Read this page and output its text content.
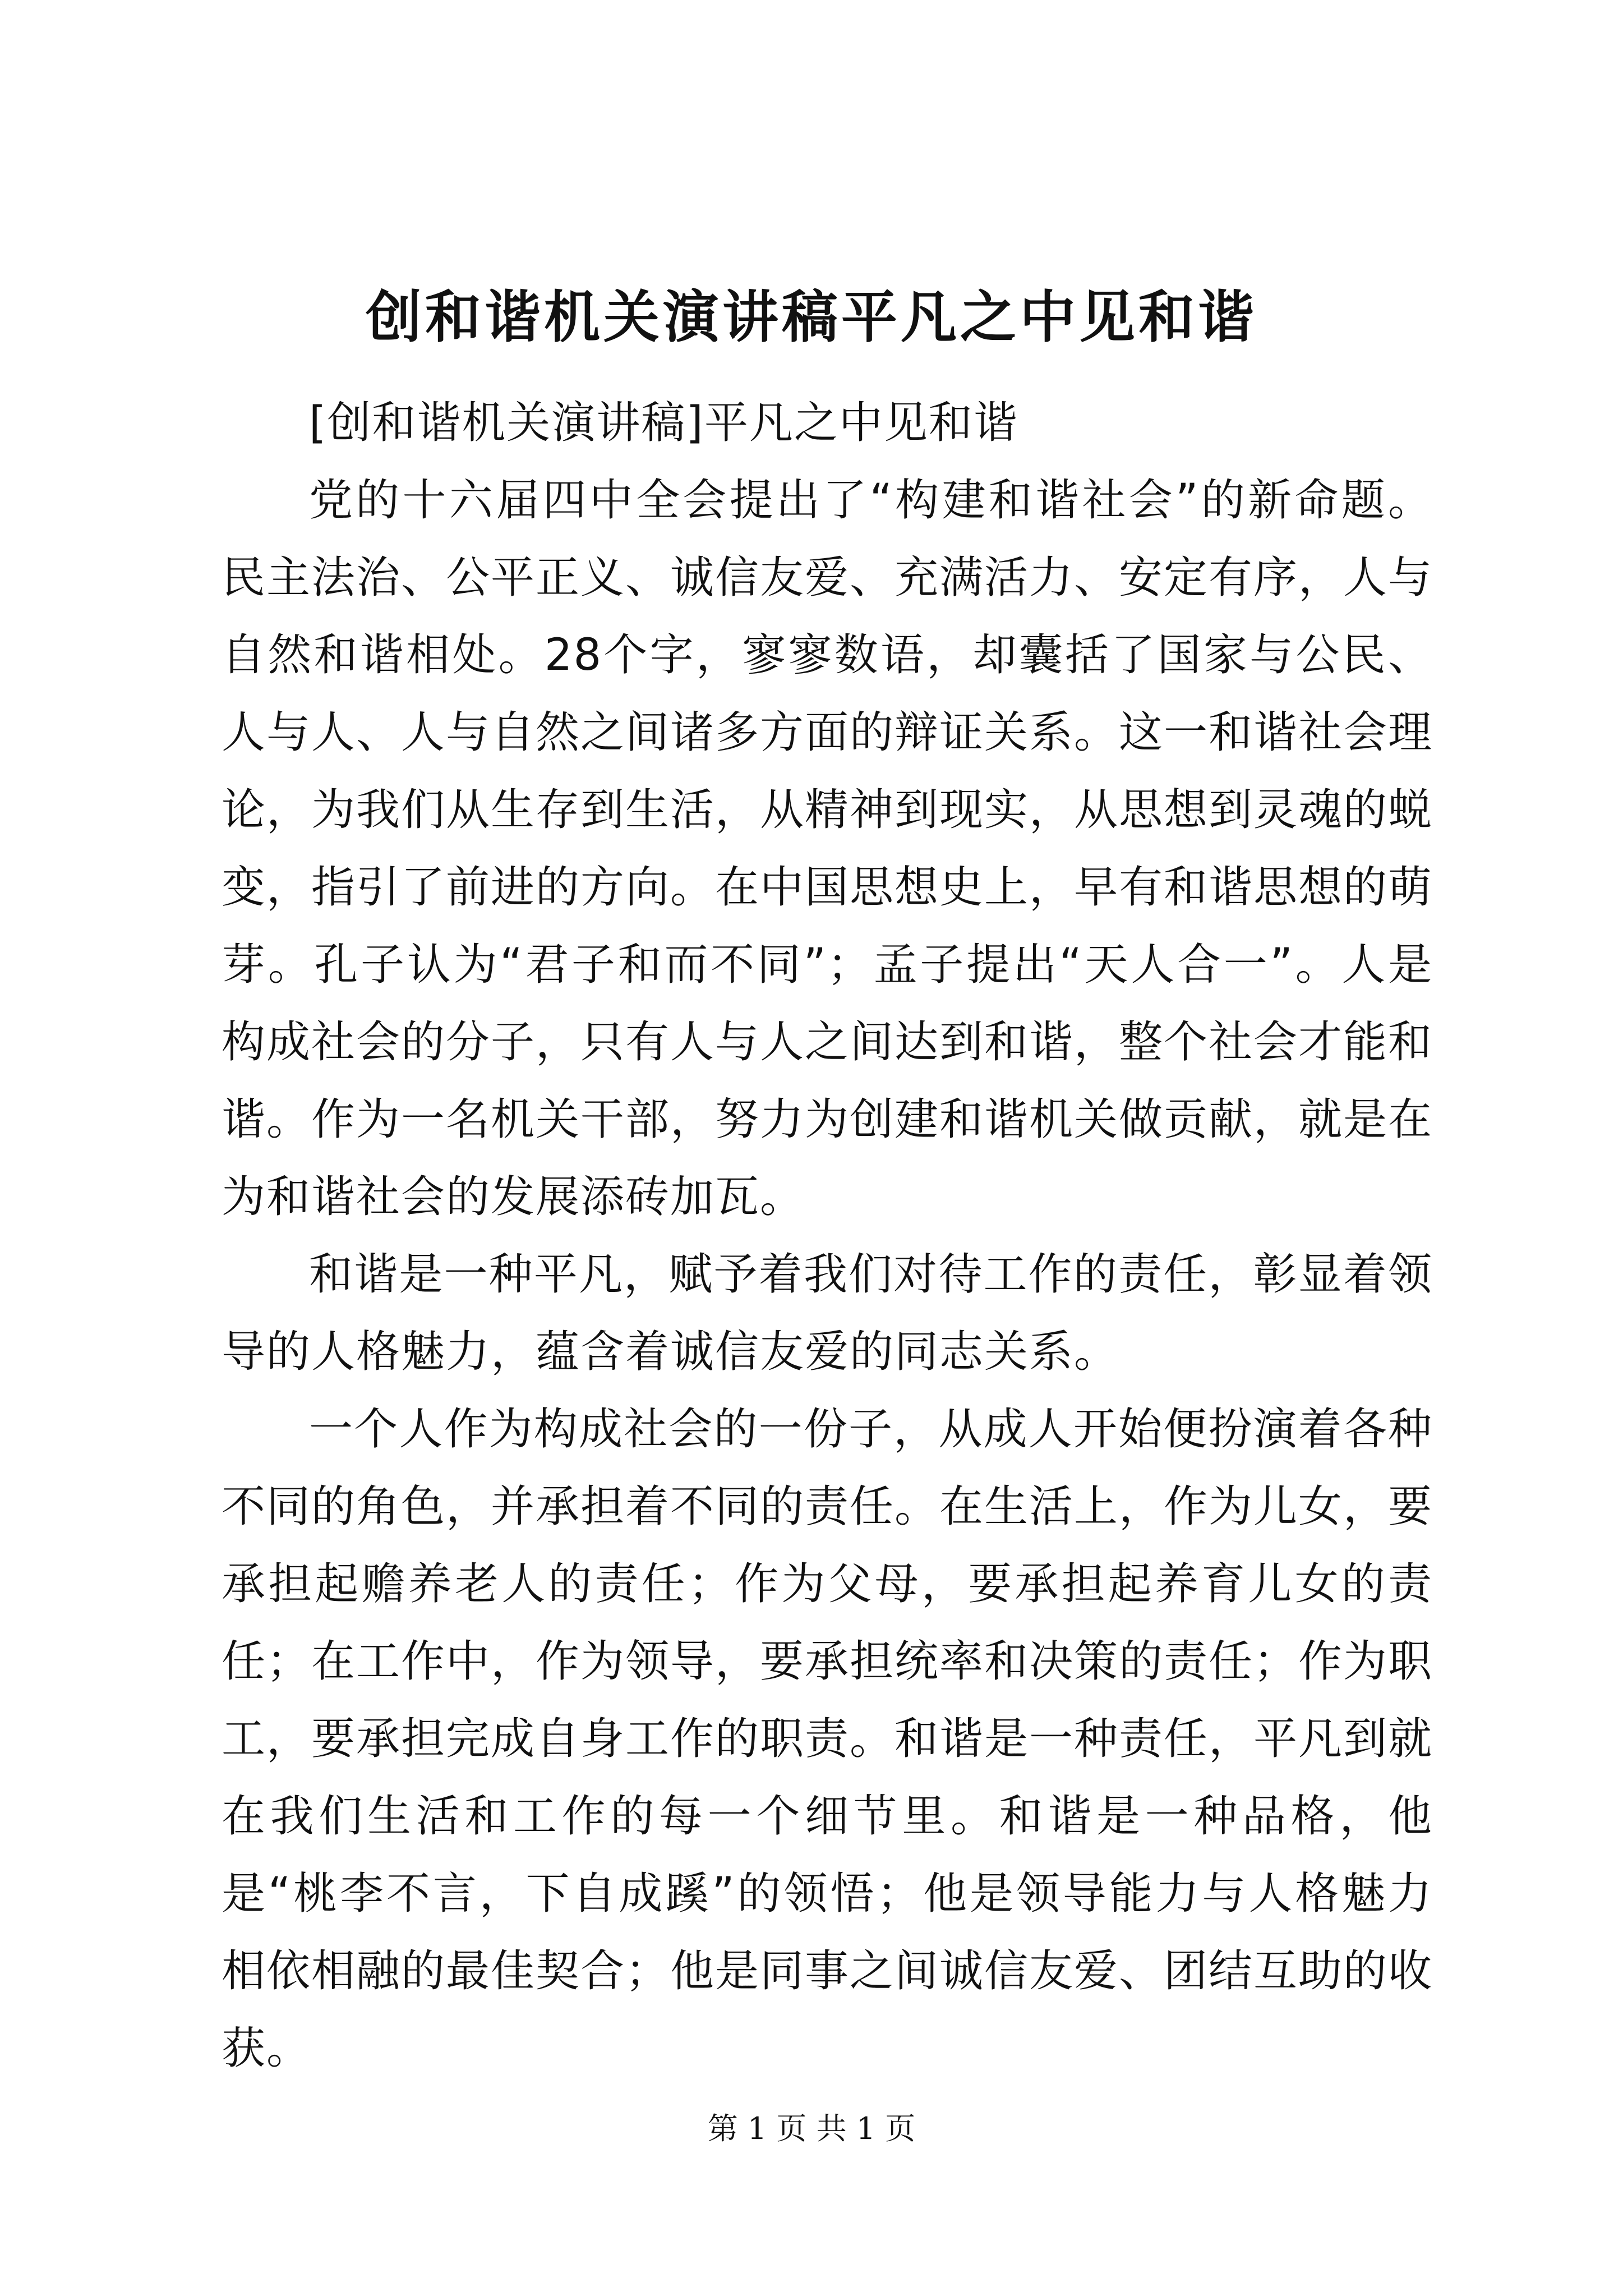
创和谐机关演讲稿平凡之中见和谐

[创和谐机关演讲稿]平凡之中见和谐

党的十六届四中全会提出了“构建和谐社会”的新命题。民主法治、公平正义、诚信友爱、充满活力、安定有序，人与自然和谐相处。28个字，寥寥数语，却囊括了国家与公民、人与人、人与自然之间诸多方面的辩证关系。这一和谐社会理论，为我们从生存到生活，从精神到现实，从思想到灵魂的蜕变，指引了前进的方向。在中国思想史上，早有和谐思想的萌芽。孔子认为“君子和而不同”；孟子提出“天人合一”。人是构成社会的分子，只有人与人之间达到和谐，整个社会才能和谐。作为一名机关干部，努力为创建和谐机关做贡献，就是在为和谐社会的发展添砖加瓦。

和谐是一种平凡，赋予着我们对待工作的责任，彰显着领导的人格魅力，蕴含着诚信友爱的同志关系。

一个人作为构成社会的一份子，从成人开始便扮演着各种不同的角色，并承担着不同的责任。在生活上，作为儿女，要承担起赡养老人的责任；作为父母，要承担起养育儿女的责任；在工作中，作为领导，要承担统率和决策的责任；作为职工，要承担完成自身工作的职责。和谐是一种责任，平凡到就在我们生活和工作的每一个细节里。和谐是一种品格，他是“桃李不言，下自成蹊”的领悟；他是领导能力与人格魅力相依相融的最佳契合；他是同事之间诚信友爱、团结互助的收获。

第 1 页 共 1 页
